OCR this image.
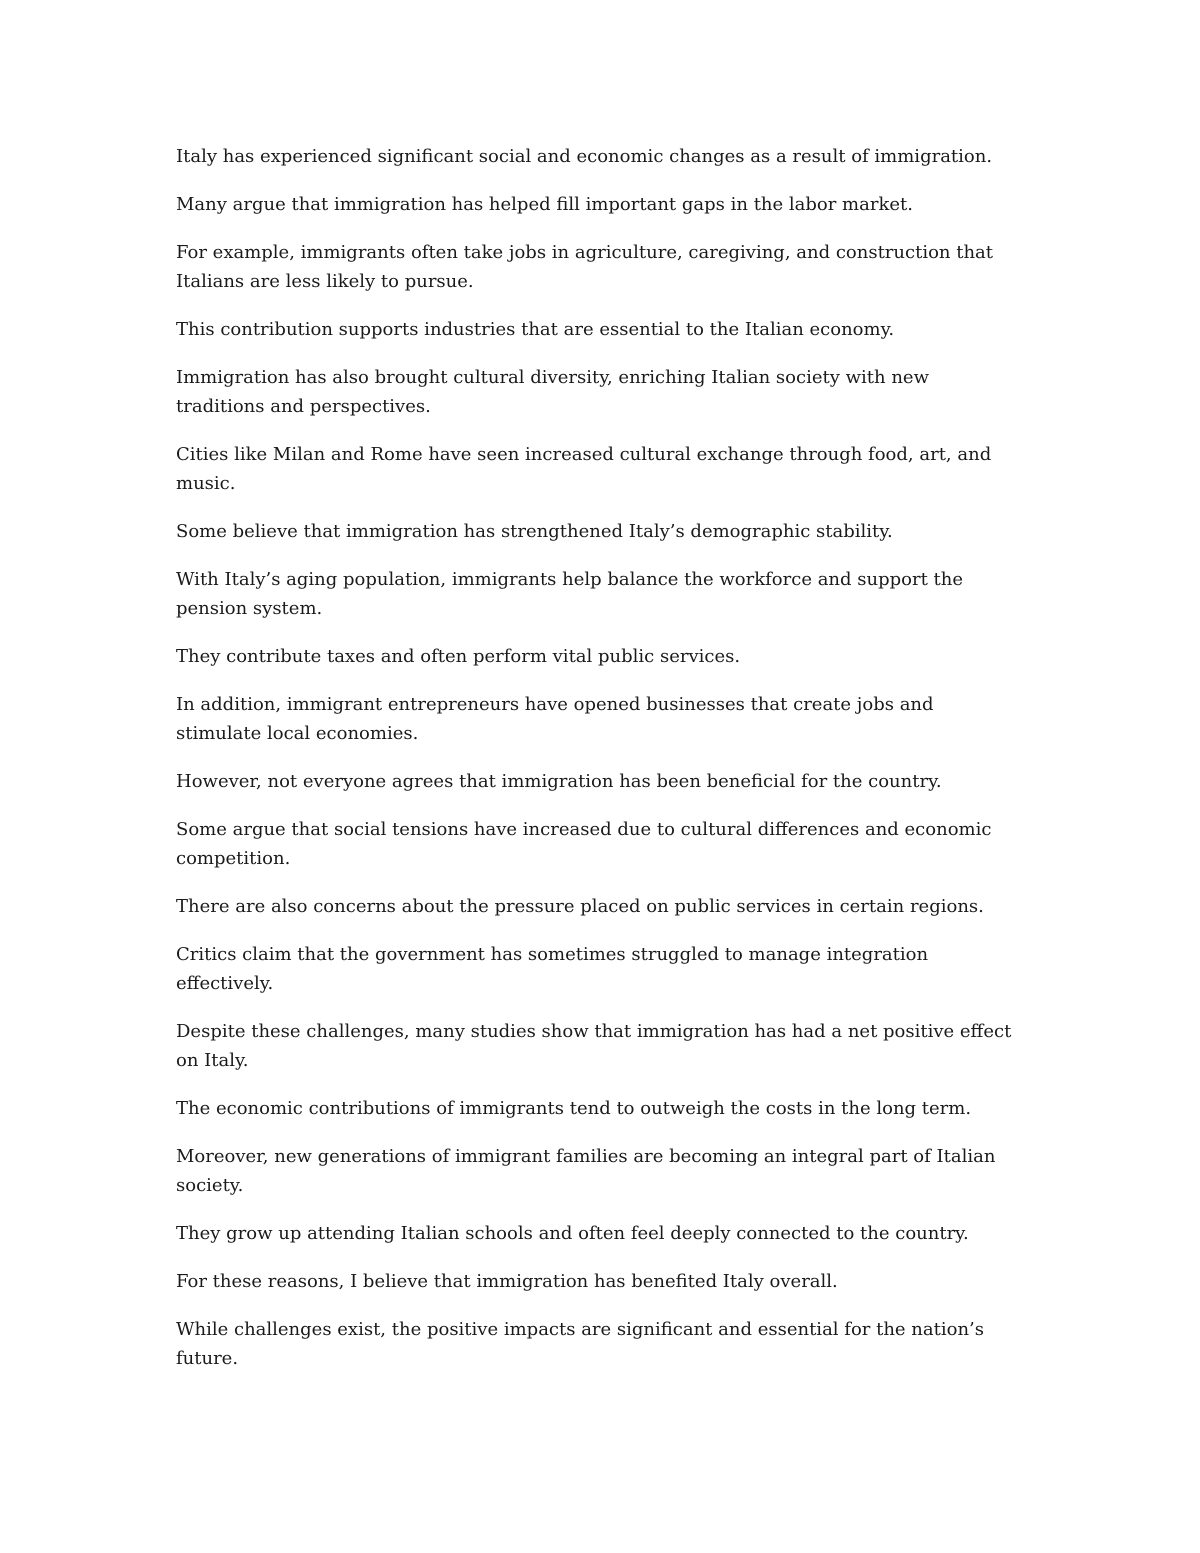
Italy has experienced significant social and economic changes as a result of immigration.

Many argue that immigration has helped fill important gaps in the labor market.

For example, immigrants often take jobs in agriculture, caregiving, and construction that Italians are less likely to pursue.

This contribution supports industries that are essential to the Italian economy.

Immigration has also brought cultural diversity, enriching Italian society with new traditions and perspectives.

Cities like Milan and Rome have seen increased cultural exchange through food, art, and music.

Some believe that immigration has strengthened Italy’s demographic stability.

With Italy’s aging population, immigrants help balance the workforce and support the pension system.

They contribute taxes and often perform vital public services.

In addition, immigrant entrepreneurs have opened businesses that create jobs and stimulate local economies.

However, not everyone agrees that immigration has been beneficial for the country.

Some argue that social tensions have increased due to cultural differences and economic competition.

There are also concerns about the pressure placed on public services in certain regions.

Critics claim that the government has sometimes struggled to manage integration effectively.

Despite these challenges, many studies show that immigration has had a net positive effect on Italy.

The economic contributions of immigrants tend to outweigh the costs in the long term.

Moreover, new generations of immigrant families are becoming an integral part of Italian society.

They grow up attending Italian schools and often feel deeply connected to the country.

For these reasons, I believe that immigration has benefited Italy overall.

While challenges exist, the positive impacts are significant and essential for the nation’s future.
